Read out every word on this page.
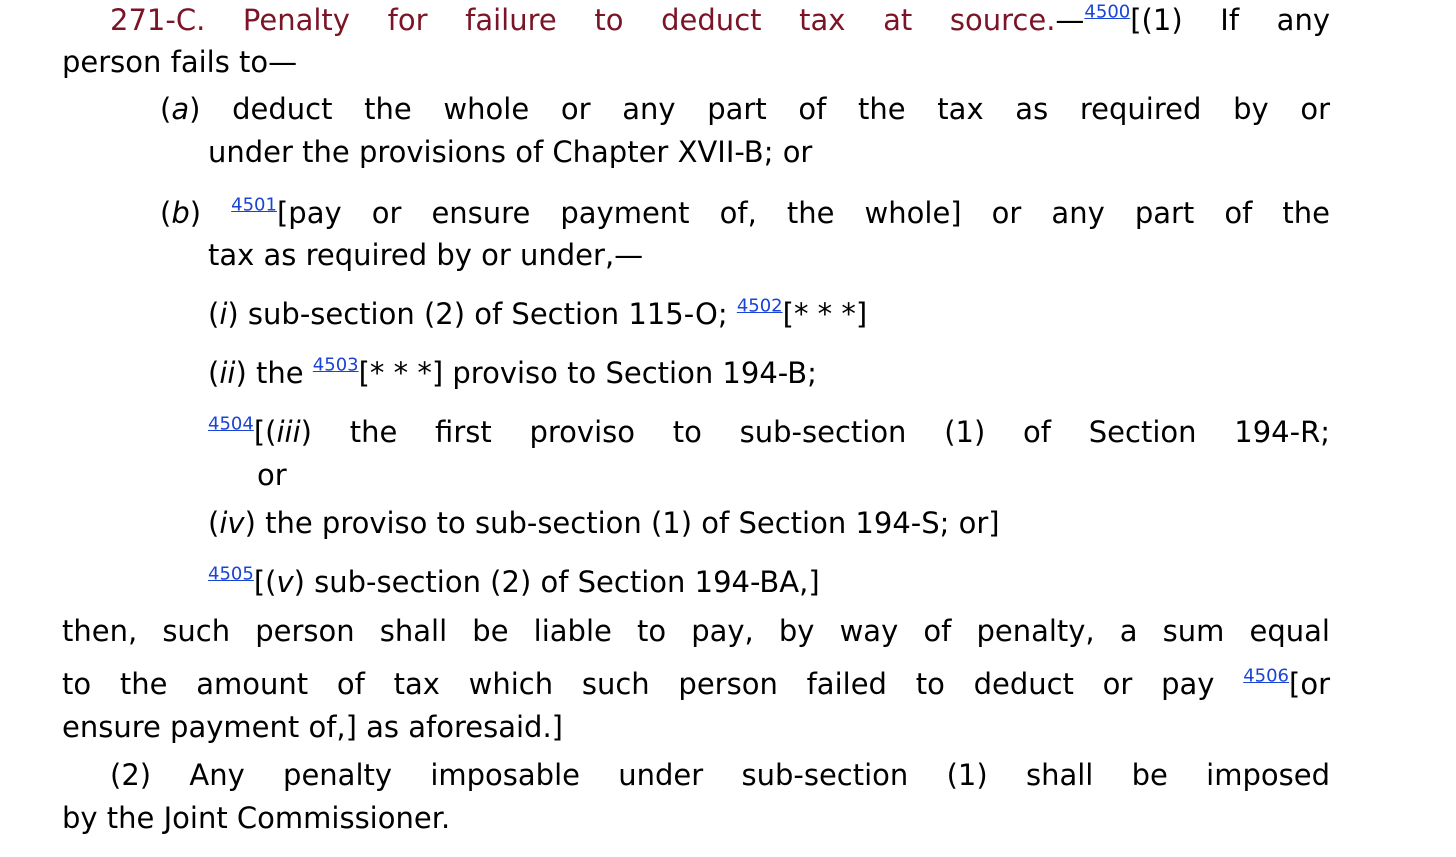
271-C. Penalty for failure to deduct tax at source.—$^{4500}$[(1) If any
person fails to—
(a) deduct the whole or any part of the tax as required by or
under the provisions of Chapter XVII-B; or
(b) $^{4501}$[pay or ensure payment of, the whole] or any part of the
tax as required by or under,—
(i) sub-section (2) of Section 115-O; $^{4502}$[* * *]
(ii) the $^{4503}$[* * *] proviso to Section 194-B;
$^{4504}$[(iii) the first proviso to sub-section (1) of Section 194-R;
or
(iv) the proviso to sub-section (1) of Section 194-S; or]
$^{4505}$[(v) sub-section (2) of Section 194-BA,]
then, such person shall be liable to pay, by way of penalty, a sum equal
to the amount of tax which such person failed to deduct or pay $^{4506}$[or
ensure payment of,] as aforesaid.]
(2) Any penalty imposable under sub-section (1) shall be imposed
by the Joint Commissioner.
